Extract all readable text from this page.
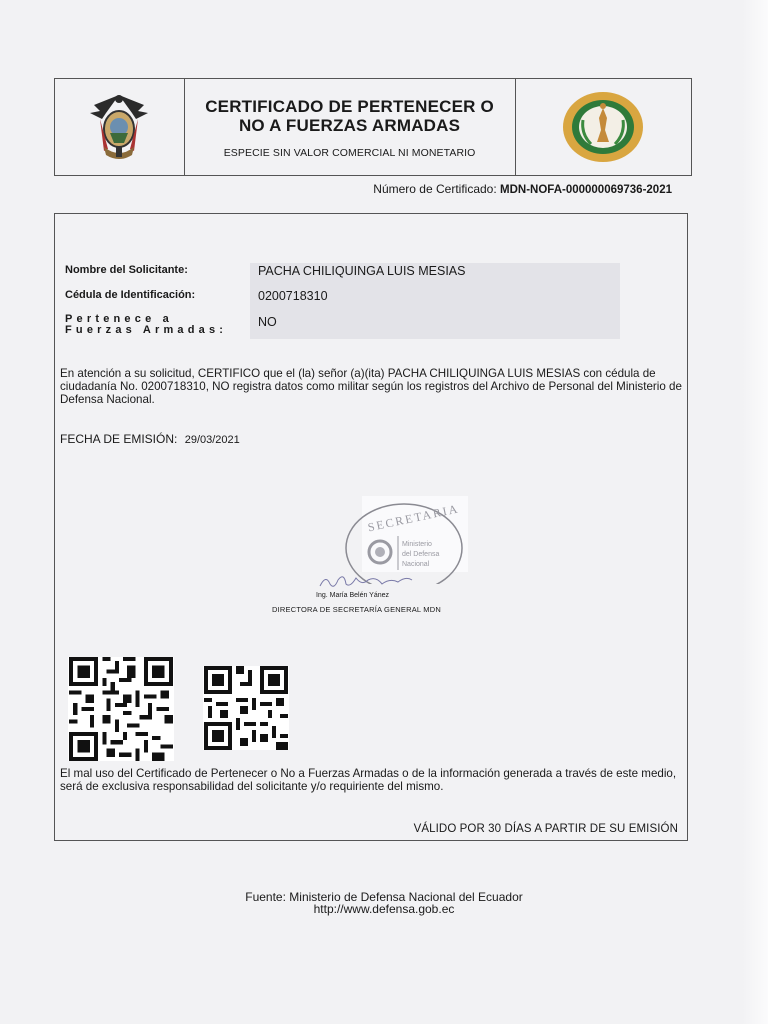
CERTIFICADO DE PERTENECER O
NO A FUERZAS ARMADAS
ESPECIE SIN VALOR COMERCIAL NI MONETARIO
Número de Certificado: MDN-NOFA-000000069736-2021
Nombre del Solicitante:	PACHA CHILIQUINGA LUIS MESIAS
Cédula de Identificación:	0200718310
Pertenece a Fuerzas Armadas:
NO
En atención a su solicitud, CERTIFICO que el (la) señor (a)(ita) PACHA CHILIQUINGA LUIS MESIAS con cédula de ciudadanía No. 0200718310, NO registra datos como militar según los registros del Archivo de Personal del Ministerio de Defensa Nacional.
FECHA DE EMISIÓN: 29/03/2021
SECRETARIA
Ministerio
del Defensa
Nacional
Ing. María Belén Yánez
DIRECTORA DE SECRETARÍA GENERAL MDN
El mal uso del Certificado de Pertenecer o No a Fuerzas Armadas o de la información generada a través de este medio, será de exclusiva responsabilidad del solicitante y/o requiriente del mismo.
VÁLIDO POR 30 DÍAS A PARTIR DE SU EMISIÓN
Fuente: Ministerio de Defensa Nacional del Ecuador
http://www.defensa.gob.ec
